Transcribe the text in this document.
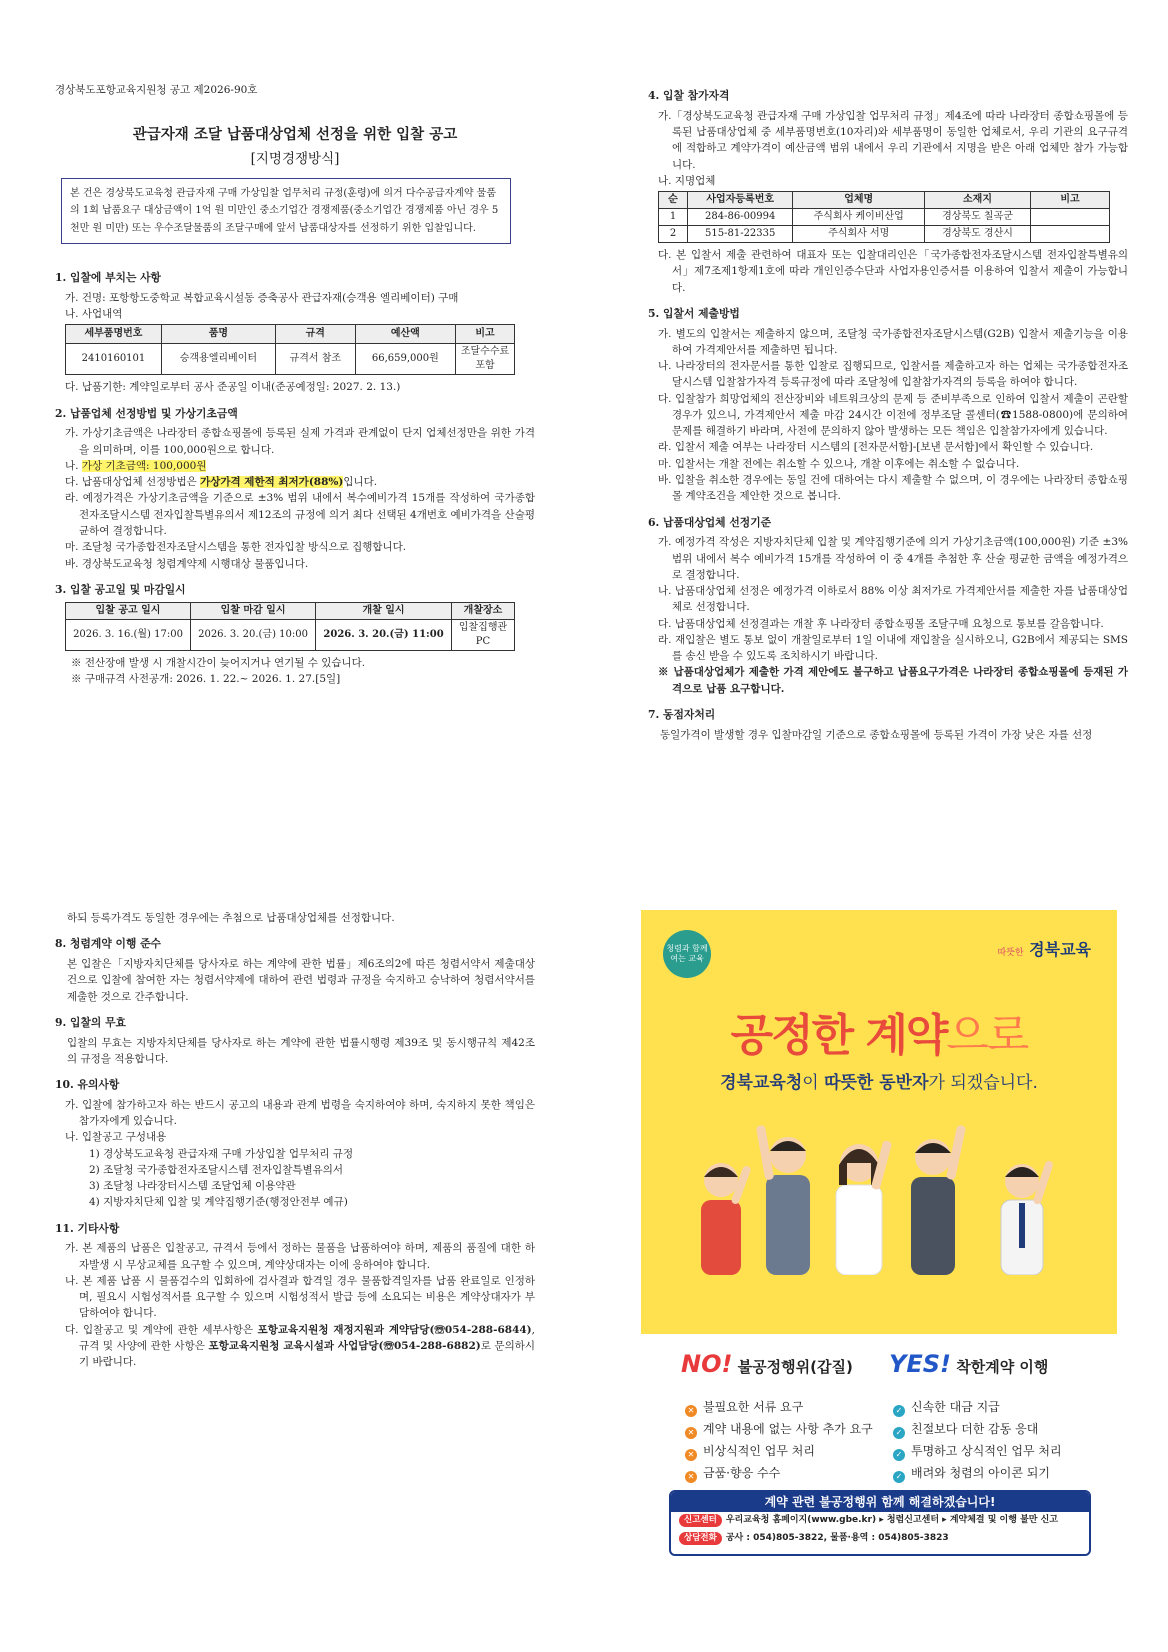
경상북도포항교육지원청 공고 제2026-90호
관급자재 조달 납품대상업체 선정을 위한 입찰 공고
[지명경쟁방식]
본 건은 경상북도교육청 관급자재 구매 가상입찰 업무처리 규정(훈령)에 의거 다수공급자계약 물품의 1회 납품요구 대상금액이 1억 원 미만인 중소기업간 경쟁제품(중소기업간 경쟁제품 아닌 경우 5천만 원 미만) 또는 우수조달물품의 조달구매에 앞서 납품대상자를 선정하기 위한 입찰입니다.
1. 입찰에 부치는 사항

가. 건명: 포항항도중학교 복합교육시설동 증축공사 관급자재(승객용 엘리베이터) 구매

나. 사업내역

세부품명번호	품명	규격	예산액	비고
2410160101	승객용엘리베이터	규격서 참조	66,659,000원	조달수수료 포함

다. 납품기한: 계약일로부터 공사 준공일 이내(준공예정일: 2027. 2. 13.)

2. 납품업체 선정방법 및 가상기초금액

가. 가상기초금액은 나라장터 종합쇼핑몰에 등록된 실제 가격과 관계없이 단지 업체선정만을 위한 가격을 의미하며, 이를 100,000원으로 합니다.

나. 가상 기초금액: 100,000원

다. 납품대상업체 선정방법은 가상가격 제한적 최저가(88%)입니다.

라. 예정가격은 가상기초금액을 기준으로 ±3% 범위 내에서 복수예비가격 15개를 작성하여 국가종합전자조달시스템 전자입찰특별유의서 제12조의 규정에 의거 최다 선택된 4개번호 예비가격을 산술평균하여 결정합니다.

마. 조달청 국가종합전자조달시스템을 통한 전자입찰 방식으로 집행합니다.

바. 경상북도교육청 청렴계약제 시행대상 물품입니다.

3. 입찰 공고일 및 마감일시
입찰 공고 일시	입찰 마감 일시	개찰 일시	개찰장소
2026. 3. 16.(월) 17:00	2026. 3. 20.(금) 10:00	2026. 3. 20.(금) 11:00	입찰집행관 PC

※ 전산장애 발생 시 개찰시간이 늦어지거나 연기될 수 있습니다.

※ 구매규격 사전공개: 2026. 1. 22.~ 2026. 1. 27.[5일]

4. 입찰 참가자격

가.「경상북도교육청 관급자재 구매 가상입찰 업무처리 규정」제4조에 따라 나라장터 종합쇼핑몰에 등록된 납품대상업체 중 세부품명번호(10자리)와 세부품명이 동일한 업체로서, 우리 기관의 요구규격에 적합하고 계약가격이 예산금액 범위 내에서 우리 기관에서 지명을 받은 아래 업체만 참가 가능합니다.

나. 지명업체

순	사업자등록번호	업체명	소재지	비고
1	284-86-00994	주식회사 케이비산업	경상북도 칠곡군	
2	515-81-22335	주식회사 서명	경상북도 경산시	

다. 본 입찰서 제출 관련하여 대표자 또는 입찰대리인은「국가종합전자조달시스템 전자입찰특별유의서」제7조제1항제1호에 따라 개인인증수단과 사업자용인증서를 이용하여 입찰서 제출이 가능합니다.

5. 입찰서 제출방법

가. 별도의 입찰서는 제출하지 않으며, 조달청 국가종합전자조달시스템(G2B) 입찰서 제출기능을 이용하여 가격제안서를 제출하면 됩니다.

나. 나라장터의 전자문서를 통한 입찰로 집행되므로, 입찰서를 제출하고자 하는 업체는 국가종합전자조달시스템 입찰참가자격 등록규정에 따라 조달청에 입찰참가자격의 등록을 하여야 합니다.

다. 입찰참가 희망업체의 전산장비와 네트워크상의 문제 등 준비부족으로 인하여 입찰서 제출이 곤란할 경우가 있으니, 가격제안서 제출 마감 24시간 이전에 정부조달 콜센터(☎1588-0800)에 문의하여 문제를 해결하기 바라며, 사전에 문의하지 않아 발생하는 모든 책임은 입찰참가자에게 있습니다.

라. 입찰서 제출 여부는 나라장터 시스템의 [전자문서함]-[보낸 문서함]에서 확인할 수 있습니다.

마. 입찰서는 개찰 전에는 취소할 수 있으나, 개찰 이후에는 취소할 수 없습니다.

바. 입찰을 취소한 경우에는 동일 건에 대하여는 다시 제출할 수 없으며, 이 경우에는 나라장터 종합쇼핑몰 계약조건을 제안한 것으로 봅니다.

6. 납품대상업체 선정기준

가. 예정가격 작성은 지방자치단체 입찰 및 계약집행기준에 의거 가상기초금액(100,000원) 기준 ±3% 범위 내에서 복수 예비가격 15개를 작성하여 이 중 4개를 추첨한 후 산술 평균한 금액을 예정가격으로 결정합니다.

나. 납품대상업체 선정은 예정가격 이하로서 88% 이상 최저가로 가격제안서를 제출한 자를 납품대상업체로 선정합니다.

다. 납품대상업체 선정결과는 개찰 후 나라장터 종합쇼핑몰 조달구매 요청으로 통보를 갈음합니다.

라. 재입찰은 별도 통보 없이 개찰일로부터 1일 이내에 재입찰을 실시하오니, G2B에서 제공되는 SMS를 송신 받을 수 있도록 조치하시기 바랍니다.

※ 납품대상업체가 제출한 가격 제안에도 불구하고 납품요구가격은 나라장터 종합쇼핑몰에 등재된 가격으로 납품 요구합니다.

7. 동점자처리

동일가격이 발생할 경우 입찰마감일 기준으로 종합쇼핑몰에 등록된 가격이 가장 낮은 자를 선정

하되 등록가격도 동일한 경우에는 추첨으로 납품대상업체를 선정합니다.

8. 청렴계약 이행 준수

본 입찰은「지방자치단체를 당사자로 하는 계약에 관한 법률」제6조의2에 따른 청렴서약서 제출대상 건으로 입찰에 참여한 자는 청렴서약제에 대하여 관련 법령과 규정을 숙지하고 승낙하여 청렴서약서를 제출한 것으로 간주합니다.

9. 입찰의 무효

입찰의 무효는 지방자치단체를 당사자로 하는 계약에 관한 법률시행령 제39조 및 동시행규칙 제42조의 규정을 적용합니다.

10. 유의사항

가. 입찰에 참가하고자 하는 반드시 공고의 내용과 관계 법령을 숙지하여야 하며, 숙지하지 못한 책임은 참가자에게 있습니다.

나. 입찰공고 구성내용

1) 경상북도교육청 관급자재 구매 가상입찰 업무처리 규정

2) 조달청 국가종합전자조달시스템 전자입찰특별유의서

3) 조달청 나라장터시스템 조달업체 이용약관

4) 지방자치단체 입찰 및 계약집행기준(행정안전부 예규)

11. 기타사항

가. 본 제품의 납품은 입찰공고, 규격서 등에서 정하는 물품을 납품하여야 하며, 제품의 품질에 대한 하자발생 시 무상교체를 요구할 수 있으며, 계약상대자는 이에 응하여야 합니다.

나. 본 제품 납품 시 물품검수의 입회하에 검사결과 합격일 경우 물품합격일자를 납품 완료일로 인정하며, 필요시 시험성적서를 요구할 수 있으며 시험성적서 발급 등에 소요되는 비용은 계약상대자가 부담하여야 합니다.

다. 입찰공고 및 계약에 관한 세부사항은 포항교육지원청 재정지원과 계약담당(☏054-288-6844), 규격 및 사양에 관한 사항은 포항교육지원청 교육시설과 사업담당(☏054-288-6882)로 문의하시기 바랍니다.

청렴과 함께 여는 교육
따뜻한 경북교육
공정한 계약으로
경북교육청이 따뜻한 동반자가 되겠습니다.
NO! 불공정행위(갑질) YES! 착한계약 이행
✕ 불필요한 서류 요구
✕ 계약 내용에 없는 사항 추가 요구
✕ 비상식적인 업무 처리
✕ 금품·향응 수수
✓ 신속한 대금 지급
✓ 친절보다 더한 감동 응대
✓ 투명하고 상식적인 업무 처리
✓ 배려와 청렴의 아이콘 되기
계약 관련 불공정행위 함께 해결하겠습니다!
신고센터 우리교육청 홈페이지(www.gbe.kr) ▸ 청렴신고센터 ▸ 계약체결 및 이행 불만 신고
상담전화 공사 : 054)805-3822, 물품·용역 : 054)805-3823
